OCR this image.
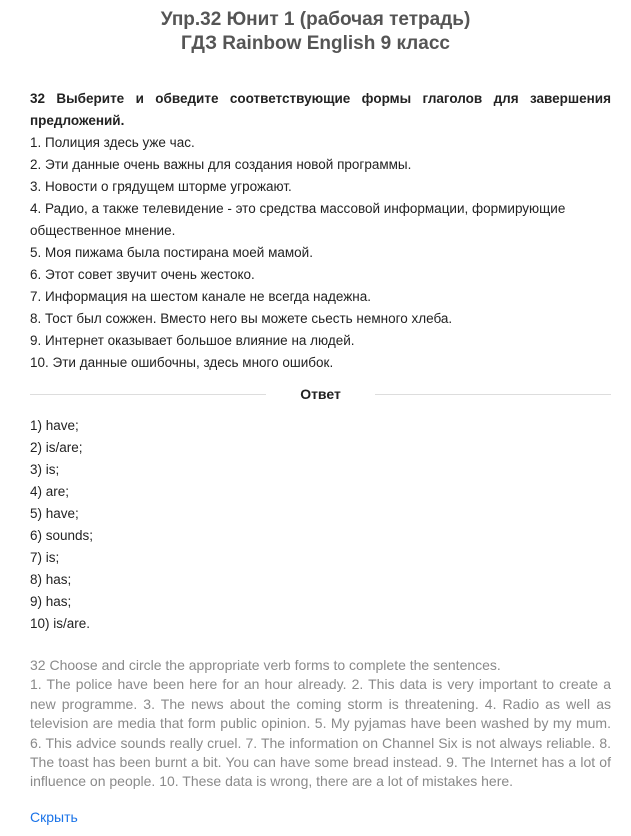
Упр.32 Юнит 1 (рабочая тетрадь)
ГДЗ Rainbow English 9 класс

32 Выберите и обведите соответствующие формы глаголов для завершения предложений.

1. Полиция здесь уже час.

2. Эти данные очень важны для создания новой программы.

3. Новости о грядущем шторме угрожают.

4. Радио, а также телевидение - это средства массовой информации, формирующие общественное мнение.

5. Моя пижама была постирана моей мамой.

6. Этот совет звучит очень жестоко.

7. Информация на шестом канале не всегда надежна.

8. Тост был сожжен. Вместо него вы можете сьесть немного хлеба.

9. Интернет оказывает большое влияние на людей.

10. Эти данные ошибочны, здесь много ошибок.

Ответ

1) have;

2) is/are;

3) is;

4) are;

5) have;

6) sounds;

7) is;

8) has;

9) has;

10) is/are.

32 Choose and circle the appropriate verb forms to complete the sentences.

1. The police have been here for an hour already. 2. This data is very important to create a new programme. 3. The news about the coming storm is threatening. 4. Radio as well as television are media that form public opinion. 5. My pyjamas have been washed by my mum. 6. This advice sounds really cruel. 7. The information on Channel Six is not always reliable. 8. The toast has been burnt a bit. You can have some bread instead. 9. The Internet has a lot of influence on people. 10. These data is wrong, there are a lot of mistakes here.

Скрыть
